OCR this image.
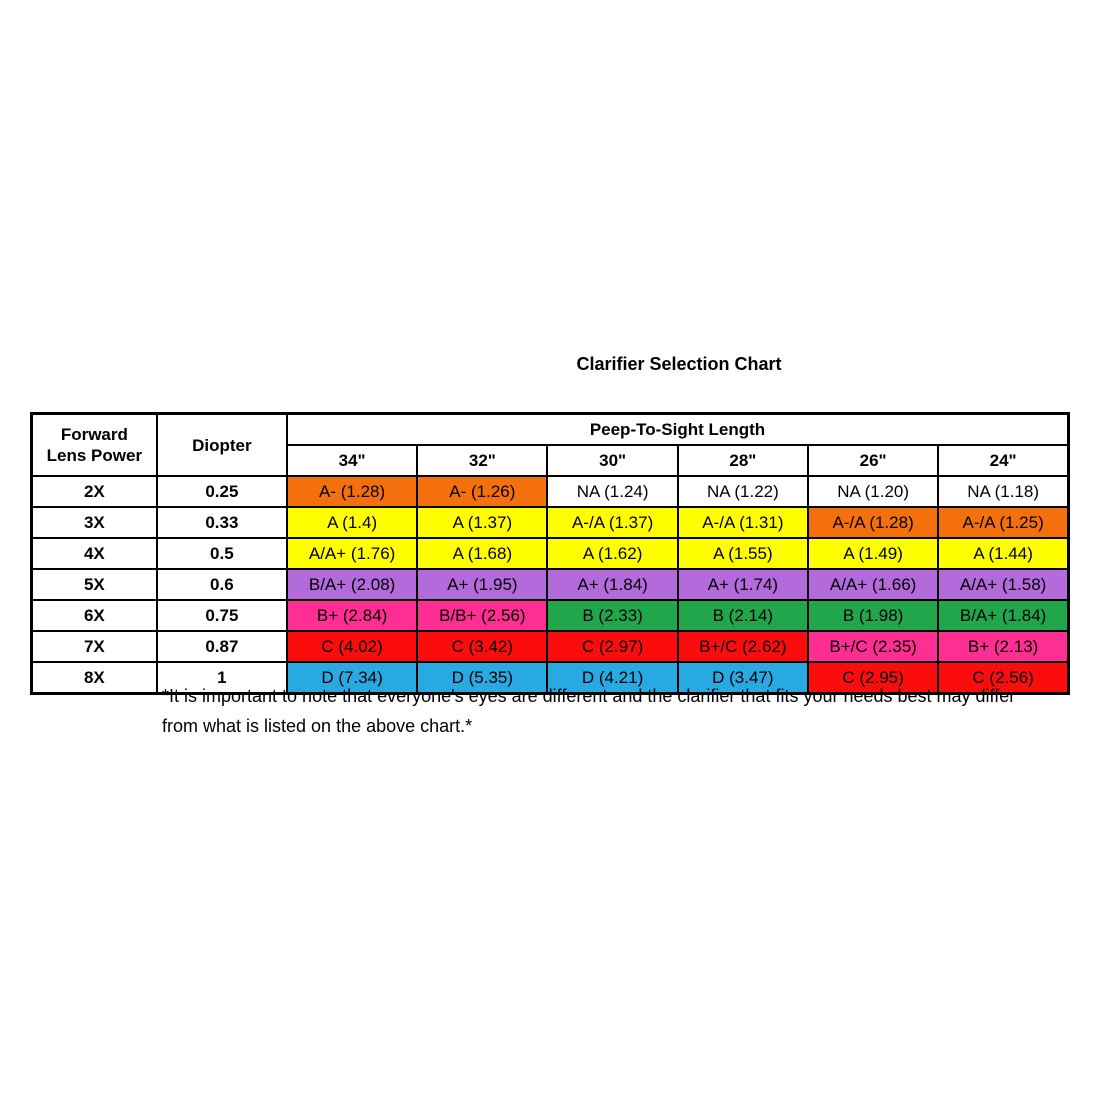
Clarifier Selection Chart
Forward
Lens Power	Diopter	Peep-To-Sight Length					
		34"	32"	30"	28"	26"	24"
2X	0.25	A- (1.28)	A- (1.26)	NA (1.24)	NA (1.22)	NA (1.20)	NA (1.18)
3X	0.33	A (1.4)	A (1.37)	A-/A (1.37)	A-/A (1.31)	A-/A (1.28)	A-/A (1.25)
4X	0.5	A/A+ (1.76)	A (1.68)	A (1.62)	A (1.55)	A (1.49)	A (1.44)
5X	0.6	B/A+ (2.08)	A+ (1.95)	A+ (1.84)	A+ (1.74)	A/A+ (1.66)	A/A+ (1.58)
6X	0.75	B+ (2.84)	B/B+ (2.56)	B (2.33)	B (2.14)	B (1.98)	B/A+ (1.84)
7X	0.87	C (4.02)	C (3.42)	C (2.97)	B+/C (2.62)	B+/C (2.35)	B+ (2.13)
8X	1	D (7.34)	D (5.35)	D (4.21)	D (3.47)	C (2.95)	C (2.56)
*It is important to note that everyone's eyes are different and the clarifier that fits your needs best may differ from what is listed on the above chart.*
